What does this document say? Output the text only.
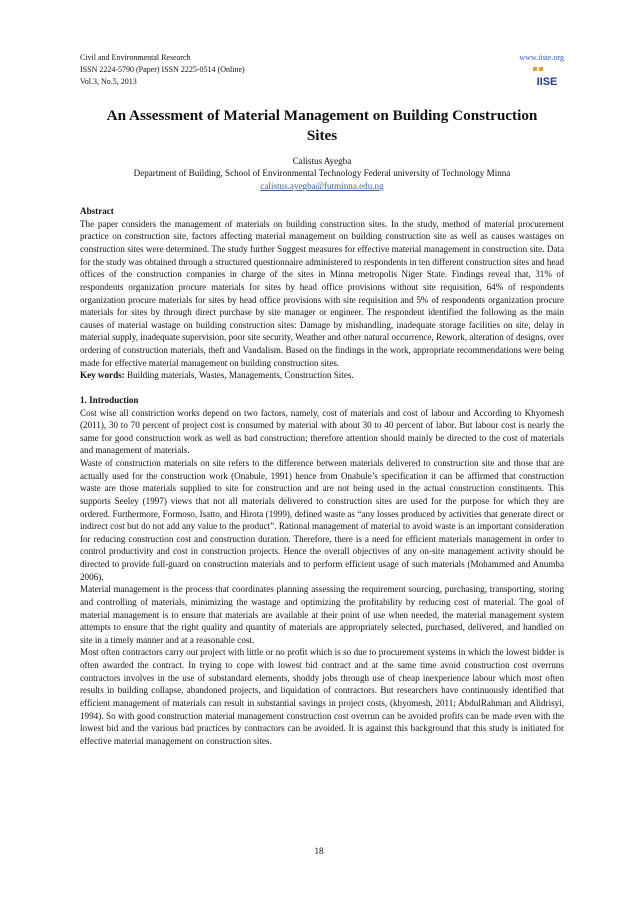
Civil and Environmental Research
ISSN 2224-5790 (Paper) ISSN 2225-0514 (Online)
Vol.3, No.5, 2013
www.iiste.org
IISE
An Assessment of Material Management on Building Construction Sites
Calistus Ayegba
Department of Building, School of Environmental Technology Federal university of Technology Minna
calistus.ayegba@futminna.edu.ng
Abstract

The paper considers the management of materials on building construction sites. In the study, method of material procurement practice on construction site, factors affecting material management on building construction site as well as causes wastages on construction sites were determined. The study further Suggest measures for effective material management in construction site. Data for the study was obtained through a structured questionnaire administered to respondents in ten different construction sites and head offices of the construction companies in charge of the sites in Minna metropolis Niger State. Findings reveal that, 31% of respondents organization procure materials for sites by head office provisions without site requisition, 64% of respondents organization procure materials for sites by head office provisions with site requisition and 5% of respondents organization procure materials for sites by through direct purchase by site manager or engineer. The respondent identified the following as the main causes of material wastage on building construction sites: Damage by mishandling, inadequate storage facilities on site, delay in material supply, inadequate supervision, poor site security, Weather and other natural occurrence, Rework, alteration of designs, over ordering of construction materials, theft and Vandalism. Based on the findings in the work, appropriate recommendations were being made for effective material management on building construction sites.

Key words: Building materials, Wastes, Managements, Construction Sites.

1. Introduction

Cost wise all constriction works depend on two factors, namely, cost of materials and cost of labour and According to Khyomesh (2011), 30 to 70 percent of project cost is consumed by material with about 30 to 40 percent of labor. But labour cost is nearly the same for good construction work as well as bad construction; therefore attention should mainly be directed to the cost of materials and management of materials.

Waste of construction materials on site refers to the difference between materials delivered to construction site and those that are actually used for the construction work (Onabule, 1991) hence from Onabule’s specification it can be affirmed that construction waste are those materials supplied to site for construction and are not being used in the actual construction constituents. This supports Seeley (1997) views that not all materials delivered to construction sites are used for the purpose for which they are ordered. Furthermore, Formoso, Isatto, and Hirota (1999), defined waste as “any losses produced by activities that generate direct or indirect cost but do not add any value to the product”. Rational management of material to avoid waste is an important consideration for reducing construction cost and construction duration. Therefore, there is a need for efficient materials management in order to control productivity and cost in construction projects. Hence the overall objectives of any on-site management activity should be directed to provide full-guard on construction materials and to perform efficient usage of such materials (Mohammed and Anumba 2006).

Material management is the process that coordinates planning assessing the requirement sourcing, purchasing, transporting, storing and controlling of materials, minimizing the wastage and optimizing the profitability by reducing cost of material. The goal of material management is to ensure that materials are available at their point of use when needed, the material management system attempts to ensure that the right quality and quantity of materials are appropriately selected, purchased, delivered, and handled on site in a timely manner and at a reasonable cost.

Most often contractors carry out project with little or no profit which is so due to procurement systems in which the lowest bidder is often awarded the contract. In trying to cope with lowest bid contract and at the same time avoid construction cost overruns contractors involves in the use of substandard elements, shoddy jobs through use of cheap inexperience labour which most often results in building collapse, abandoned projects, and liquidation of contractors. But researchers have continuously identified that efficient management of materials can result in substantial savings in project costs, (khyomesh, 2011; AbdulRahman and Alidrisyi, 1994). So with good construction material management construction cost overrun can be avoided profits can be made even with the lowest bid and the various bad practices by contractors can be avoided. It is against this background that this study is initiated for effective material management on construction sites.

18
